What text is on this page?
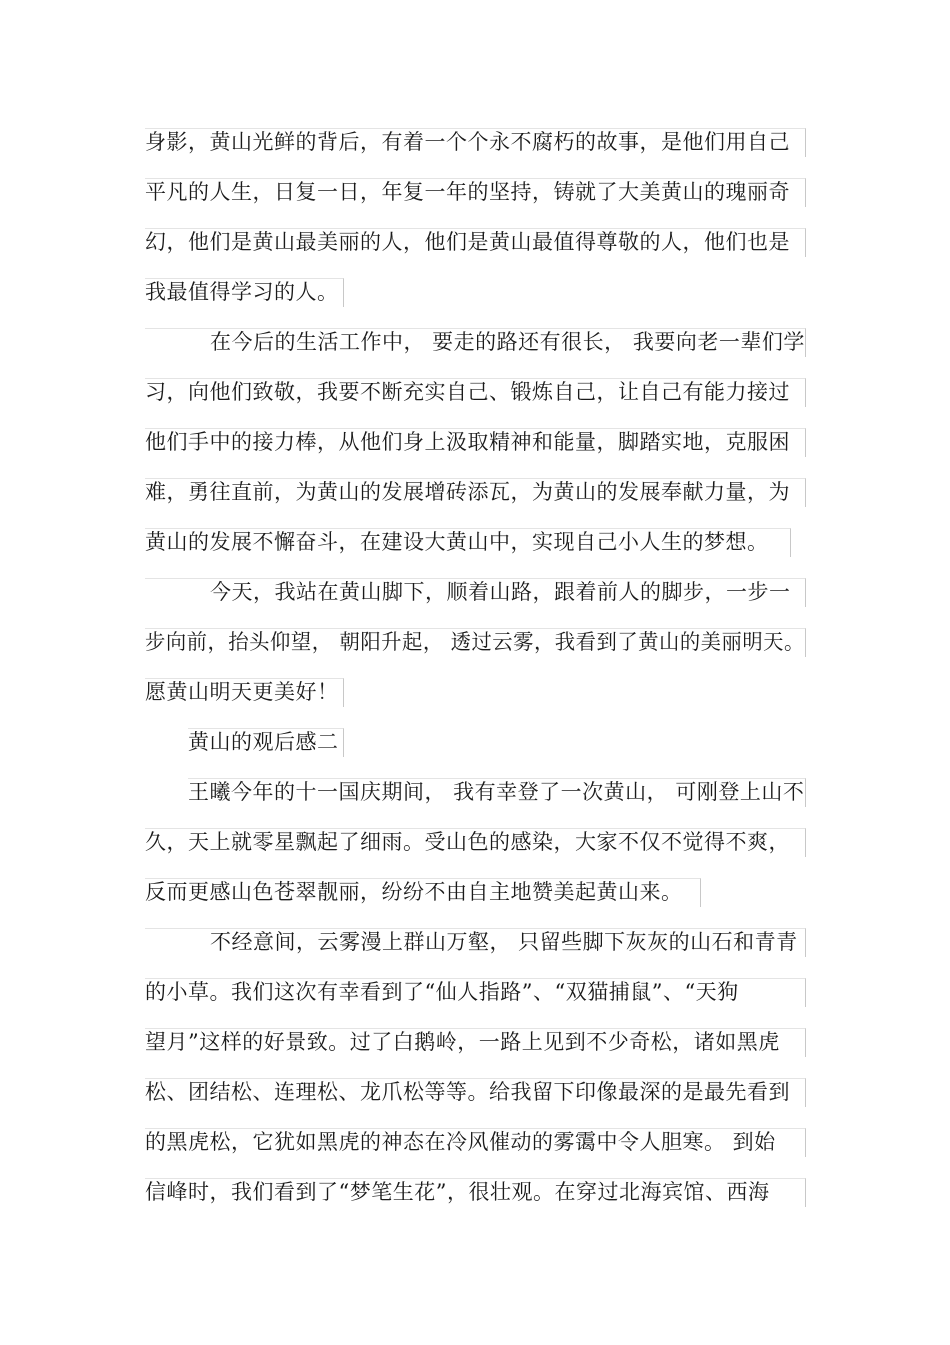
身影，黄山光鲜的背后，有着一个个永不腐朽的故事，是他们用自己
平凡的人生，日复一日，年复一年的坚持，铸就了大美黄山的瑰丽奇
幻，他们是黄山最美丽的人，他们是黄山最值得尊敬的人，他们也是
我最值得学习的人。
在今后的生活工作中， 要走的路还有很长， 我要向老一辈们学
习，向他们致敬，我要不断充实自己、锻炼自己，让自己有能力接过
他们手中的接力棒，从他们身上汲取精神和能量，脚踏实地，克服困
难，勇往直前，为黄山的发展增砖添瓦，为黄山的发展奉献力量，为
黄山的发展不懈奋斗，在建设大黄山中，实现自己小人生的梦想。
今天，我站在黄山脚下，顺着山路，跟着前人的脚步，一步一
步向前，抬头仰望， 朝阳升起， 透过云雾，我看到了黄山的美丽明天。
愿黄山明天更美好！
黄山的观后感二
王曦今年的十一国庆期间， 我有幸登了一次黄山， 可刚登上山不
久，天上就零星飘起了细雨。受山色的感染，大家不仅不觉得不爽，
反而更感山色苍翠靓丽，纷纷不由自主地赞美起黄山来。
不经意间，云雾漫上群山万壑， 只留些脚下灰灰的山石和青青
的小草。我们这次有幸看到了“仙人指路”、“双猫捕鼠”、“天狗
望月”这样的好景致。过了白鹅岭，一路上见到不少奇松，诸如黑虎
松、团结松、连理松、龙爪松等等。给我留下印像最深的是最先看到
的黑虎松，它犹如黑虎的神态在冷风催动的雾霭中令人胆寒。 到始
信峰时，我们看到了“梦笔生花”，很壮观。在穿过北海宾馆、西海
